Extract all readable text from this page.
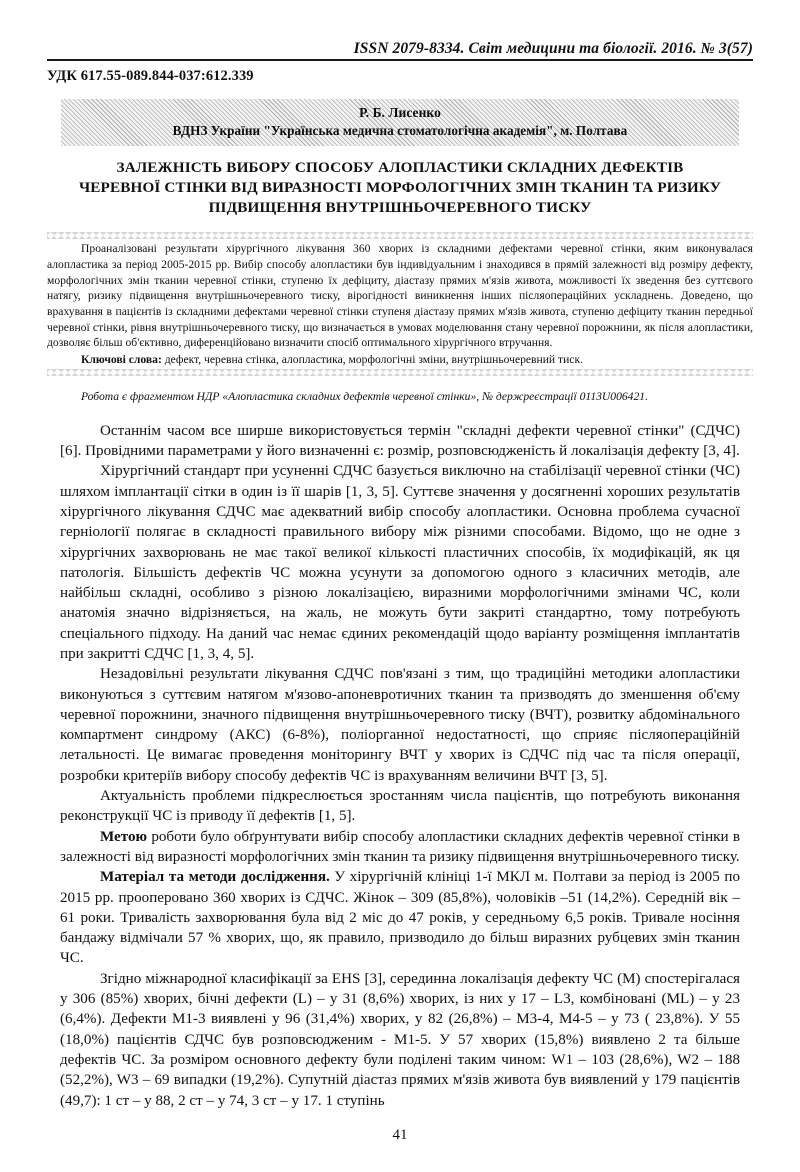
ISSN 2079-8334. Світ медицини та біології. 2016. № 3(57)
УДК 617.55-089.844-037:612.339
Р. Б. Лисенко
ВДНЗ України "Українська медична стоматологічна академія", м. Полтава
ЗАЛЕЖНІСТЬ ВИБОРУ СПОСОБУ АЛОПЛАСТИКИ СКЛАДНИХ ДЕФЕКТІВ
ЧЕРЕВНОЇ СТІНКИ ВІД ВИРАЗНОСТІ МОРФОЛОГІЧНИХ ЗМІН ТКАНИН ТА РИЗИКУ
ПІДВИЩЕННЯ ВНУТРІШНЬОЧЕРЕВНОГО ТИСКУ

Проаналізовані результати хірургічного лікування 360 хворих із складними дефектами черевної стінки, яким виконувалася алопластика за період 2005-2015 рр. Вибір способу алопластики був індивідуальним і знаходився в прямій залежності від розміру дефекту, морфологічних змін тканин черевної стінки, ступеню їх дефіциту, діастазу прямих м'язів живота, можливості їх зведення без суттєвого натягу, ризику підвищення внутрішньочеревного тиску, вірогідності виникнення інших післяопераційних ускладнень. Доведено, що врахування в пацієнтів із складними дефектами черевної стінки ступеня діастазу прямих м'язів живота, ступеню дефіциту тканин передньої черевної стінки, рівня внутрішньочеревного тиску, що визначається в умовах моделювання стану черевної порожнини, як після алопластики, дозволяє більш об'єктивно, диференційовано визначити спосіб оптимального хірургічного втручання.

Ключові слова: дефект, черевна стінка, алопластика, морфологічні зміни, внутрішньочеревний тиск.
Робота є фрагментом НДР «Алопластика складних дефектів черевної стінки», № держреєстрації 0113U006421.

Останнім часом все ширше використовується термін "складні дефекти черевної стінки" (СДЧС) [6]. Провідними параметрами у його визначенні є: розмір, розповсюдженість й локалізація дефекту [3, 4].

Хірургічний стандарт при усуненні СДЧС базується виключно на стабілізації черевної стінки (ЧС) шляхом імплантації сітки в один із її шарів [1, 3, 5]. Суттєве значення у досягненні хороших результатів хірургічного лікування СДЧС має адекватний вибір способу алопластики. Основна проблема сучасної герніології полягає в складності правильного вибору між різними способами. Відомо, що не одне з хірургічних захворювань не має такої великої кількості пластичних способів, їх модифікацій, як ця патологія. Більшість дефектів ЧС можна усунути за допомогою одного з класичних методів, але найбільш складні, особливо з різною локалізацією, виразними морфологічними змінами ЧС, коли анатомія значно відрізняється, на жаль, не можуть бути закриті стандартно, тому потребують спеціального підходу. На даний час немає єдиних рекомендацій щодо варіанту розміщення імплантатів при закритті СДЧС [1, 3, 4, 5].

Незадовільні результати лікування СДЧС пов'язані з тим, що традиційні методики алопластики виконуються з суттєвим натягом м'язово-апоневротичних тканин та призводять до зменшення об'єму черевної порожнини, значного підвищення внутрішньочеревного тиску (ВЧТ), розвитку абдомінального компартмент синдрому (АКС) (6-8%), поліорганної недостатності, що сприяє післяопераційній летальності. Це вимагає проведення моніторингу ВЧТ у хворих із СДЧС під час та після операції, розробки критеріїв вибору способу дефектів ЧС із врахуванням величини ВЧТ [3, 5].

Актуальність проблеми підкреслюється зростанням числа пацієнтів, що потребують виконання реконструкції ЧС із приводу її дефектів [1, 5].

Метою роботи було обґрунтувати вибір способу алопластики складних дефектів черевної стінки в залежності від виразності морфологічних змін тканин та ризику підвищення внутрішньочеревного тиску.

Матеріал та методи дослідження. У хірургічній клініці 1-ї МКЛ м. Полтави за період із 2005 по 2015 рр. прооперовано 360 хворих із СДЧС. Жінок – 309 (85,8%), чоловіків –51 (14,2%). Середній вік – 61 роки. Тривалість захворювання була від 2 міс до 47 років, у середньому 6,5 років. Тривале носіння бандажу відмічали 57 % хворих, що, як правило, призводило до більш виразних рубцевих змін тканин ЧС.

Згідно міжнародної класифікації за EHS [3], серединна локалізація дефекту ЧС (М) спостерігалася у 306 (85%) хворих, бічні дефекти (L) – у 31 (8,6%) хворих, із них у 17 – L3, комбіновані (ML) – у 23 (6,4%). Дефекти М1-3 виявлені у 96 (31,4%) хворих, у 82 (26,8%) – М3-4, М4-5 – у 73 ( 23,8%). У 55 (18,0%) пацієнтів СДЧС був розповсюдженим - М1-5. У 57 хворих (15,8%) виявлено 2 та більше дефектів ЧС. За розміром основного дефекту були поділені таким чином: W1 – 103 (28,6%), W2 – 188 (52,2%), W3 – 69 випадки (19,2%). Супутній діастаз прямих м'язів живота був виявлений у 179 пацієнтів (49,7): 1 ст – у 88, 2 ст – у 74, 3 ст – у 17. 1 ступінь

41
